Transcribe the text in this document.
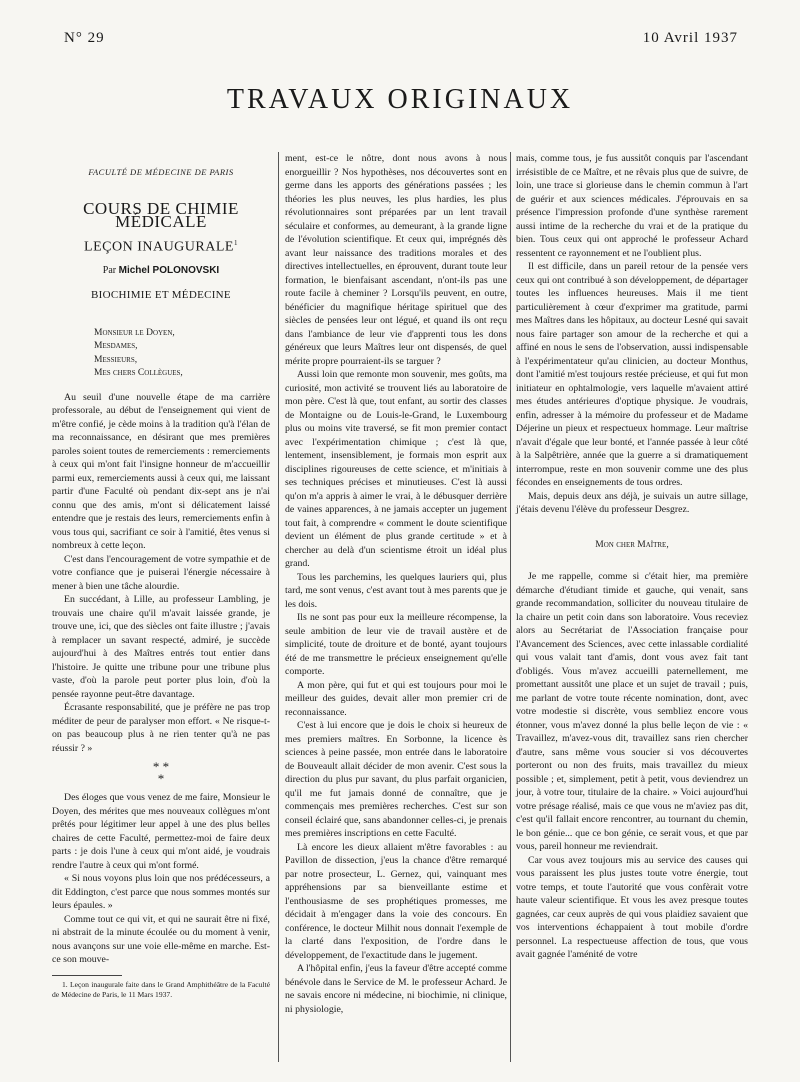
N° 29	10 Avril 1937
TRAVAUX ORIGINAUX
FACULTÉ DE MÉDECINE DE PARIS
COURS DE CHIMIE MÉDICALE
LEÇON INAUGURALE$^1$
Par Michel POLONOVSKI
BIOCHIMIE ET MÉDECINE
Monsieur le Doyen,
Mesdames,
Messieurs,
Mes chers Collègues,

Au seuil d'une nouvelle étape de ma carrière professorale, au début de l'enseignement qui vient de m'être confié, je cède moins à la tradition qu'à l'élan de ma reconnaissance, en désirant que mes premières paroles soient toutes de remerciements : remerciements à ceux qui m'ont fait l'insigne honneur de m'accueillir parmi eux, remerciements aussi à ceux qui, me laissant partir d'une Faculté où pendant dix-sept ans je n'ai connu que des amis, m'ont si délicatement laissé entendre que je restais des leurs, remerciements enfin à vous tous qui, sacrifiant ce soir à l'amitié, êtes venus si nombreux à cette leçon.

C'est dans l'encouragement de votre sympathie et de votre confiance que je puiserai l'énergie nécessaire à mener à bien une tâche alourdie.

En succédant, à Lille, au professeur Lambling, je trouvais une chaire qu'il m'avait laissée grande, je trouve une, ici, que des siècles ont faite illustre ; j'avais à remplacer un savant respecté, admiré, je succède aujourd'hui à des Maîtres entrés tout entier dans l'histoire. Je quitte une tribune pour une tribune plus vaste, d'où la parole peut porter plus loin, d'où la pensée rayonne peut-être davantage.

Écrasante responsabilité, que je préfère ne pas trop méditer de peur de paralyser mon effort. « Ne risque-t-on pas beaucoup plus à ne rien tenter qu'à ne pas réussir ? »

* *
*

Des éloges que vous venez de me faire, Monsieur le Doyen, des mérites que mes nouveaux collègues m'ont prêtés pour légitimer leur appel à une des plus belles chaires de cette Faculté, permettez-moi de faire deux parts : je dois l'une à ceux qui m'ont aidé, je voudrais rendre l'autre à ceux qui m'ont formé.

« Si nous voyons plus loin que nos prédécesseurs, a dit Eddington, c'est parce que nous sommes montés sur leurs épaules. »

Comme tout ce qui vit, et qui ne saurait être ni fixé, ni abstrait de la minute écoulée ou du moment à venir, nous avançons sur une voie elle-même en marche. Est-ce son mouve-

1. Leçon inaugurale faite dans le Grand Amphithéâtre de la Faculté de Médecine de Paris, le 11 Mars 1937.

ment, est-ce le nôtre, dont nous avons à nous enorgueillir ? Nos hypothèses, nos découvertes sont en germe dans les apports des générations passées ; les théories les plus neuves, les plus hardies, les plus révolutionnaires sont préparées par un lent travail séculaire et conformes, au demeurant, à la grande ligne de l'évolution scientifique. Et ceux qui, imprégnés dès avant leur naissance des traditions morales et des directives intellectuelles, en éprouvent, durant toute leur formation, le bienfaisant ascendant, n'ont-ils pas une route facile à cheminer ? Lorsqu'ils peuvent, en outre, bénéficier du magnifique héritage spirituel que des siècles de pensées leur ont légué, et quand ils ont reçu dans l'ambiance de leur vie d'apprenti tous les dons généreux que leurs Maîtres leur ont dispensés, de quel mérite propre pourraient-ils se targuer ?

Aussi loin que remonte mon souvenir, mes goûts, ma curiosité, mon activité se trouvent liés au laboratoire de mon père. C'est là que, tout enfant, au sortir des classes de Montaigne ou de Louis-le-Grand, le Luxembourg plus ou moins vite traversé, se fit mon premier contact avec l'expérimentation chimique ; c'est là que, lentement, insensiblement, je formais mon esprit aux disciplines rigoureuses de cette science, et m'initiais à ses techniques précises et minutieuses. C'est là aussi qu'on m'a appris à aimer le vrai, à le débusquer derrière de vaines apparences, à ne jamais accepter un jugement tout fait, à comprendre « comment le doute scientifique devient un élément de plus grande certitude » et à chercher au delà d'un scientisme étroit un idéal plus grand.

Tous les parchemins, les quelques lauriers qui, plus tard, me sont venus, c'est avant tout à mes parents que je les dois.

Ils ne sont pas pour eux la meilleure récompense, la seule ambition de leur vie de travail austère et de simplicité, toute de droiture et de bonté, ayant toujours été de me transmettre le précieux enseignement qu'elle comporte.

A mon père, qui fut et qui est toujours pour moi le meilleur des guides, devait aller mon premier cri de reconnaissance.

C'est à lui encore que je dois le choix si heureux de mes premiers maîtres. En Sorbonne, la licence ès sciences à peine passée, mon entrée dans le laboratoire de Bouveault allait décider de mon avenir. C'est sous la direction du plus pur savant, du plus parfait organicien, qu'il me fut jamais donné de connaître, que je commençais mes premières recherches. C'est sur son conseil éclairé que, sans abandonner celles-ci, je prenais mes premières inscriptions en cette Faculté.

Là encore les dieux allaient m'être favorables : au Pavillon de dissection, j'eus la chance d'être remarqué par notre prosecteur, L. Gernez, qui, vainquant mes appréhensions par sa bienveillante estime et l'enthousiasme de ses prophétiques promesses, me décidait à m'engager dans la voie des concours. En conférence, le docteur Milhit nous donnait l'exemple de la clarté dans l'exposition, de l'ordre dans le développement, de l'exactitude dans le jugement.

A l'hôpital enfin, j'eus la faveur d'être accepté comme bénévole dans le Service de M. le professeur Achard. Je ne savais encore ni médecine, ni biochimie, ni clinique, ni physiologie,

mais, comme tous, je fus aussitôt conquis par l'ascendant irrésistible de ce Maître, et ne rêvais plus que de suivre, de loin, une trace si glorieuse dans le chemin commun à l'art de guérir et aux sciences médicales. J'éprouvais en sa présence l'impression profonde d'une synthèse rarement aussi intime de la recherche du vrai et de la pratique du bien. Tous ceux qui ont approché le professeur Achard ressentent ce rayonnement et ne l'oublient plus.

Il est difficile, dans un pareil retour de la pensée vers ceux qui ont contribué à son développement, de départager toutes les influences heureuses. Mais il me tient particulièrement à cœur d'exprimer ma gratitude, parmi mes Maîtres dans les hôpitaux, au docteur Lesné qui savait nous faire partager son amour de la recherche et qui a affiné en nous le sens de l'observation, aussi indispensable à l'expérimentateur qu'au clinicien, au docteur Monthus, dont l'amitié m'est toujours restée précieuse, et qui fut mon initiateur en ophtalmologie, vers laquelle m'avaient attiré mes études antérieures d'optique physique. Je voudrais, enfin, adresser à la mémoire du professeur et de Madame Déjerine un pieux et respectueux hommage. Leur maîtrise n'avait d'égale que leur bonté, et l'année passée à leur côté à la Salpêtrière, année que la guerre a si dramatiquement interrompue, reste en mon souvenir comme une des plus fécondes en enseignements de tous ordres.

Mais, depuis deux ans déjà, je suivais un autre sillage, j'étais devenu l'élève du professeur Desgrez.

Mon cher Maître,

Je me rappelle, comme si c'était hier, ma première démarche d'étudiant timide et gauche, qui venait, sans grande recommandation, solliciter du nouveau titulaire de la chaire un petit coin dans son laboratoire. Vous receviez alors au Secrétariat de l'Association française pour l'Avancement des Sciences, avec cette inlassable cordialité qui vous valait tant d'amis, dont vous avez fait tant d'obligés. Vous m'avez accueilli paternellement, me promettant aussitôt une place et un sujet de travail ; puis, me parlant de votre toute récente nomination, dont, avec votre modestie si discrète, vous sembliez encore vous étonner, vous m'avez donné la plus belle leçon de vie : « Travaillez, m'avez-vous dit, travaillez sans rien chercher d'autre, sans même vous soucier si vos découvertes porteront ou non des fruits, mais travaillez du mieux possible ; et, simplement, petit à petit, vous deviendrez un jour, à votre tour, titulaire de la chaire. » Voici aujourd'hui votre présage réalisé, mais ce que vous ne m'aviez pas dit, c'est qu'il fallait encore rencontrer, au tournant du chemin, le bon génie... que ce bon génie, ce serait vous, et que par vous, pareil honneur me reviendrait.

Car vous avez toujours mis au service des causes qui vous paraissent les plus justes toute votre énergie, tout votre temps, et toute l'autorité que vous confèrait votre haute valeur scientifique. Et vous les avez presque toutes gagnées, car ceux auprès de qui vous plaidiez savaient que vos interventions échappaient à tout mobile d'ordre personnel. La respectueuse affection de tous, que vous avait gagnée l'aménité de votre
